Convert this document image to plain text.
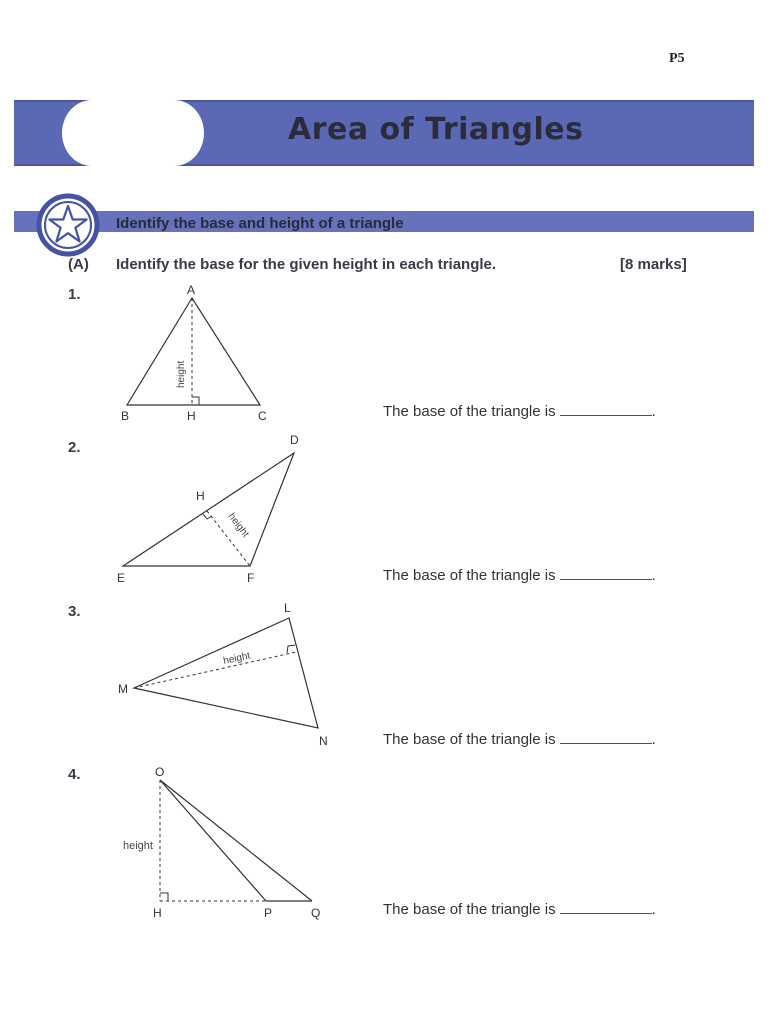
P5
Area of Triangles
Identify the base and height of a triangle
(A) Identify the base for the given height in each triangle.	[8 marks]
1.
height
A
B	H	C	The base of the triangle is	.
2.
height
D
H
E	F	The base of the triangle is	.
3.
height
L
M
N	The base of the triangle is	.
4.
height
O
H	P	Q	The base of the triangle is	.
